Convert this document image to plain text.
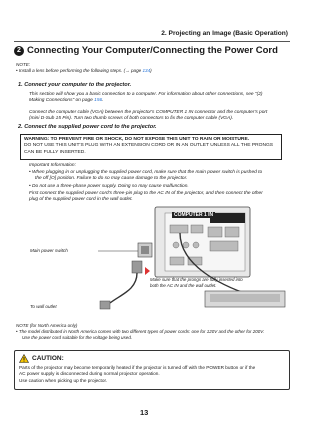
2. Projecting an Image (Basic Operation)
2 Connecting Your Computer/Connecting the Power Cord
NOTE:
• Install a lens before performing the following steps. (→ page 134)
1. Connect your computer to the projector.
This section will show you a basic connection to a computer. For information about other connections, see "(2)
Making Connections" on page 156.
Connect the computer cable (VGA) between the projector's COMPUTER 1 IN connector and the computer's port
(mini D-Sub 15 Pin). Turn two thumb screws of both connectors to fix the computer cable (VGA).
2. Connect the supplied power cord to the projector.
WARNING: TO PREVENT FIRE OR SHOCK, DO NOT EXPOSE THIS UNIT TO RAIN OR MOISTURE.
DO NOT USE THIS UNIT'S PLUG WITH AN EXTENSION CORD OR IN AN OUTLET UNLESS ALL THE PRONGS
CAN BE FULLY INSERTED.
Important Information:
• When plugging in or unplugging the supplied power cord, make sure that the main power switch is pushed to
the off [O] position. Failure to do so may cause damage to the projector.
• Do not use a three-phase power supply. Doing so may cause malfunction.
First connect the supplied power cord's three-pin plug to the AC IN of the projector, and then connect the other
plug of the supplied power cord in the wall outlet.
COMPUTER 1 IN
Main power switch
Make sure that the prongs are fully inserted into
both the AC IN and the wall outlet.
To wall outlet
NOTE (for North America only)
• The model distributed in North America comes with two different types of power cords: one for 120V and the other for 200V.
Use the power cord suitable for the voltage being used.
CAUTION:
Parts of the projector may become temporarily heated if the projector is turned off with the POWER button or if the
AC power supply is disconnected during normal projector operation.
Use caution when picking up the projector.
13
